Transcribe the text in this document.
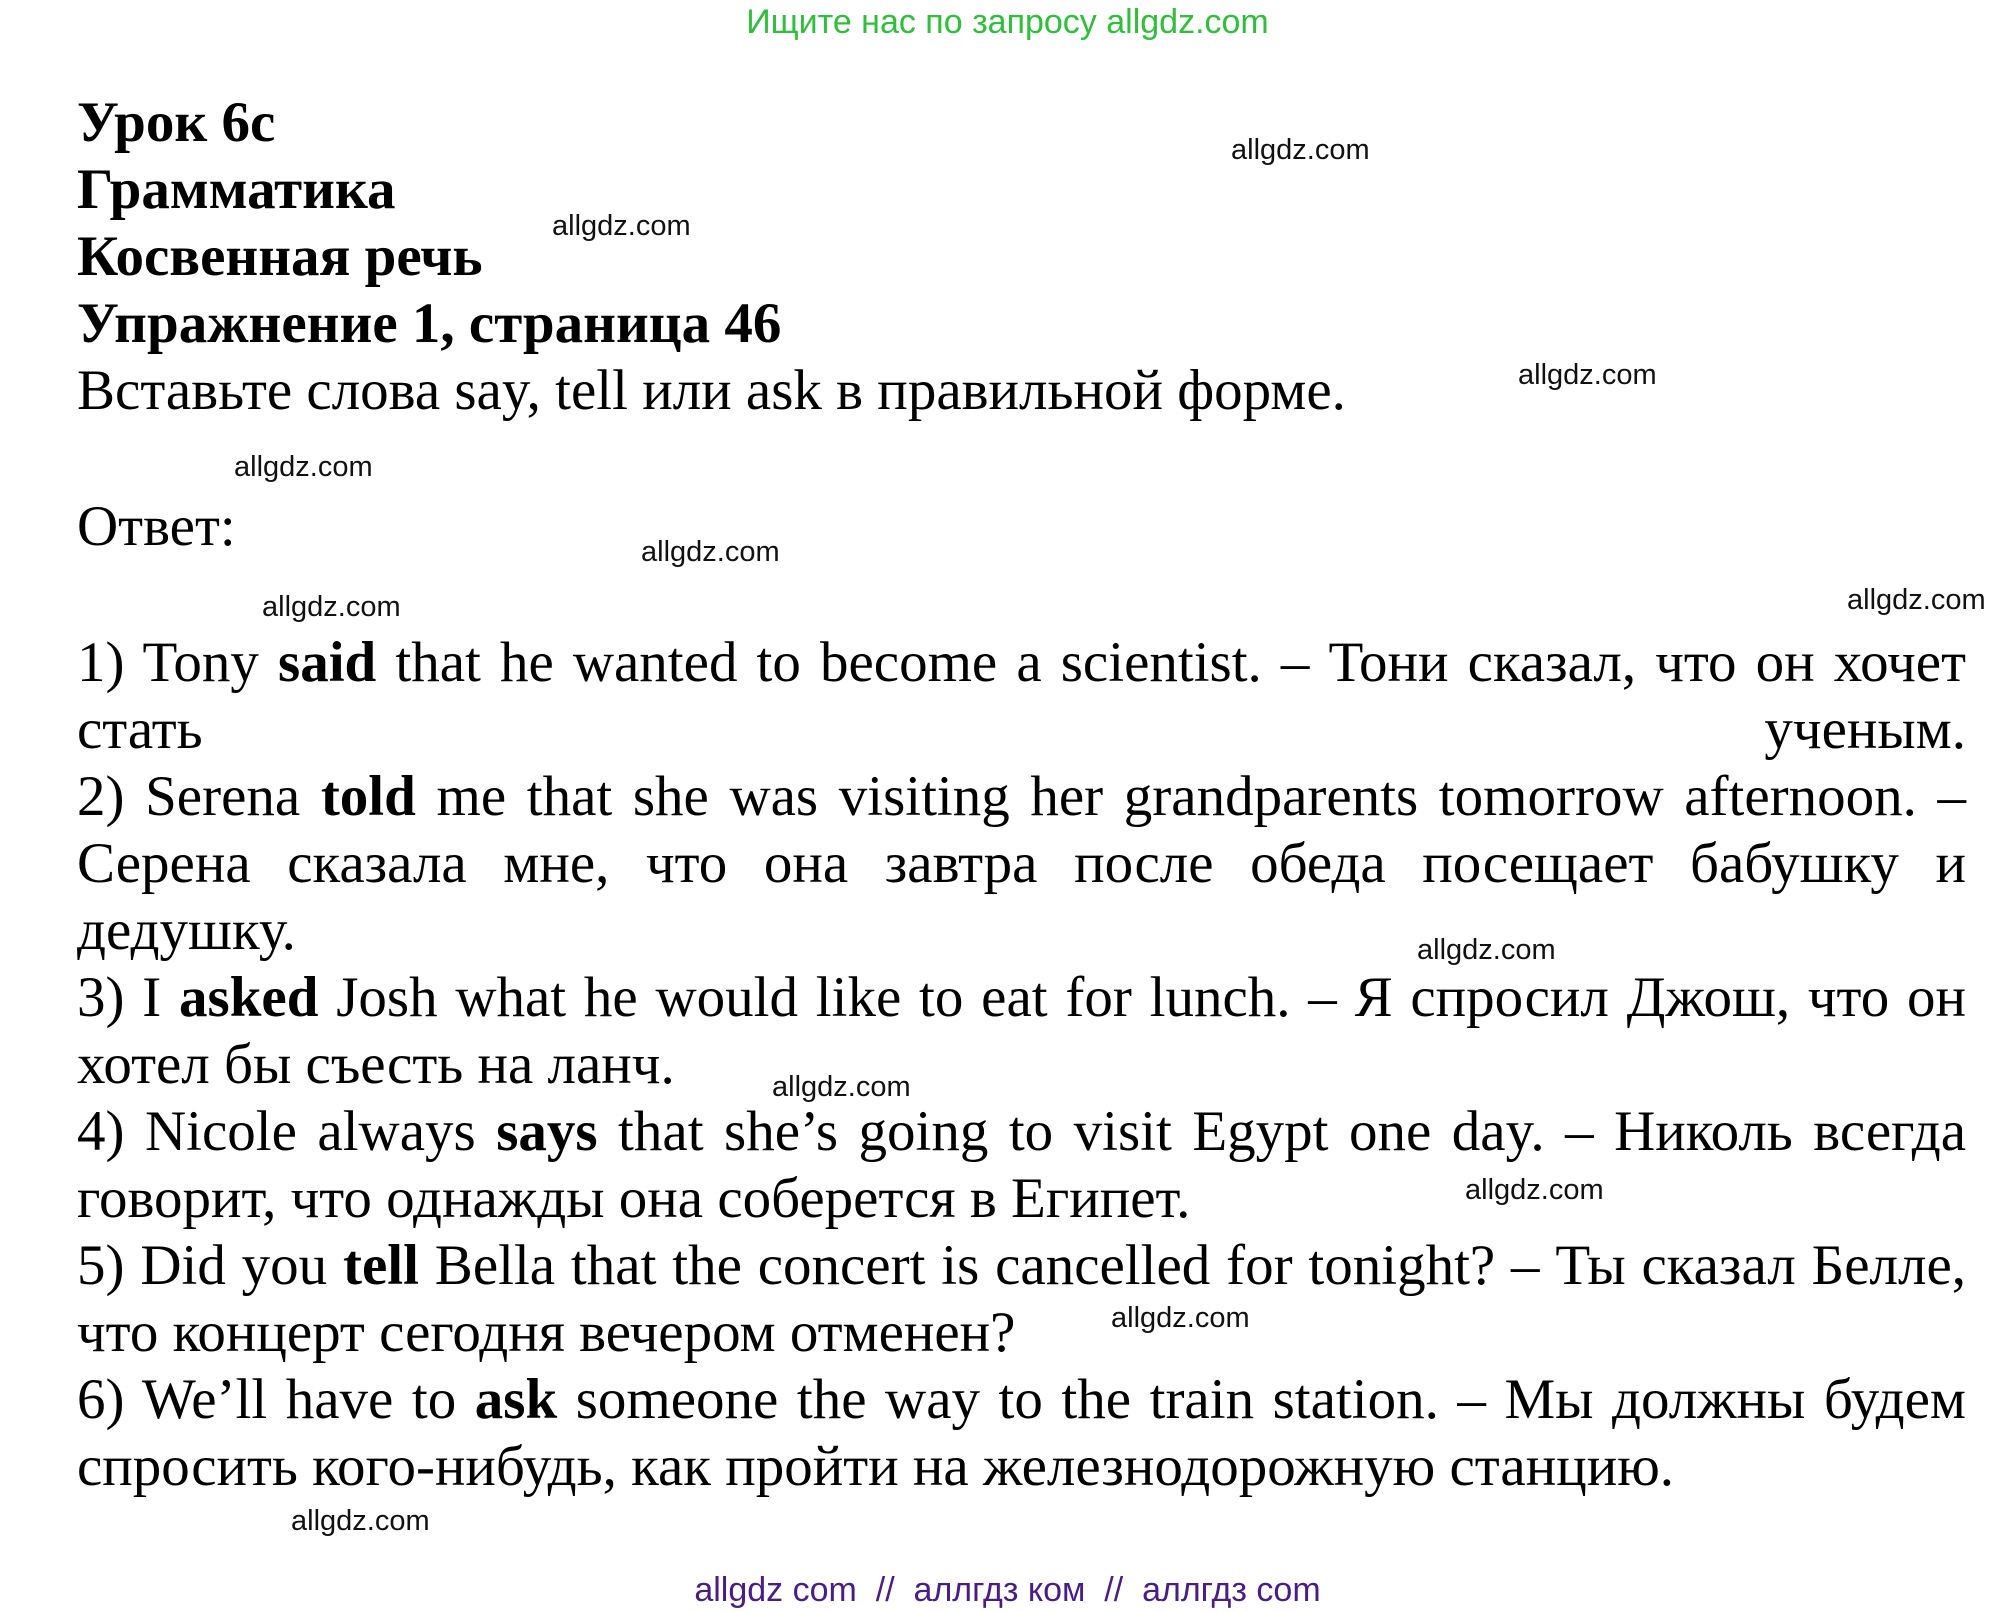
Ищите нас по запросу allgdz.com
Урок 6с
Грамматика
Косвенная речь
Упражнение 1, страница 46
Вставьте слова say, tell или ask в правильной форме.
Ответ:
1) Tony said that he wanted to become a scientist. – Тони сказал, что он хочет
стать ученым.
2) Serena told me that she was visiting her grandparents tomorrow afternoon. –
Серена сказала мне, что она завтра после обеда посещает бабушку и
дедушку.
3) I asked Josh what he would like to eat for lunch. – Я спросил Джош, что он
хотел бы съесть на ланч.
4) Nicole always says that she’s going to visit Egypt one day. – Николь всегда
говорит, что однажды она соберется в Египет.
5) Did you tell Bella that the concert is cancelled for tonight? – Ты сказал Белле,
что концерт сегодня вечером отменен?
6) We’ll have to ask someone the way to the train station. – Мы должны будем
спросить кого-нибудь, как пройти на железнодорожную станцию.
allgdz.com
allgdz.com
allgdz.com
allgdz.com
allgdz.com
allgdz.com
allgdz.com
allgdz.com
allgdz.com
allgdz.com
allgdz.com
allgdz.com
allgdz com  //  аллгдз ком  //  аллгдз com
